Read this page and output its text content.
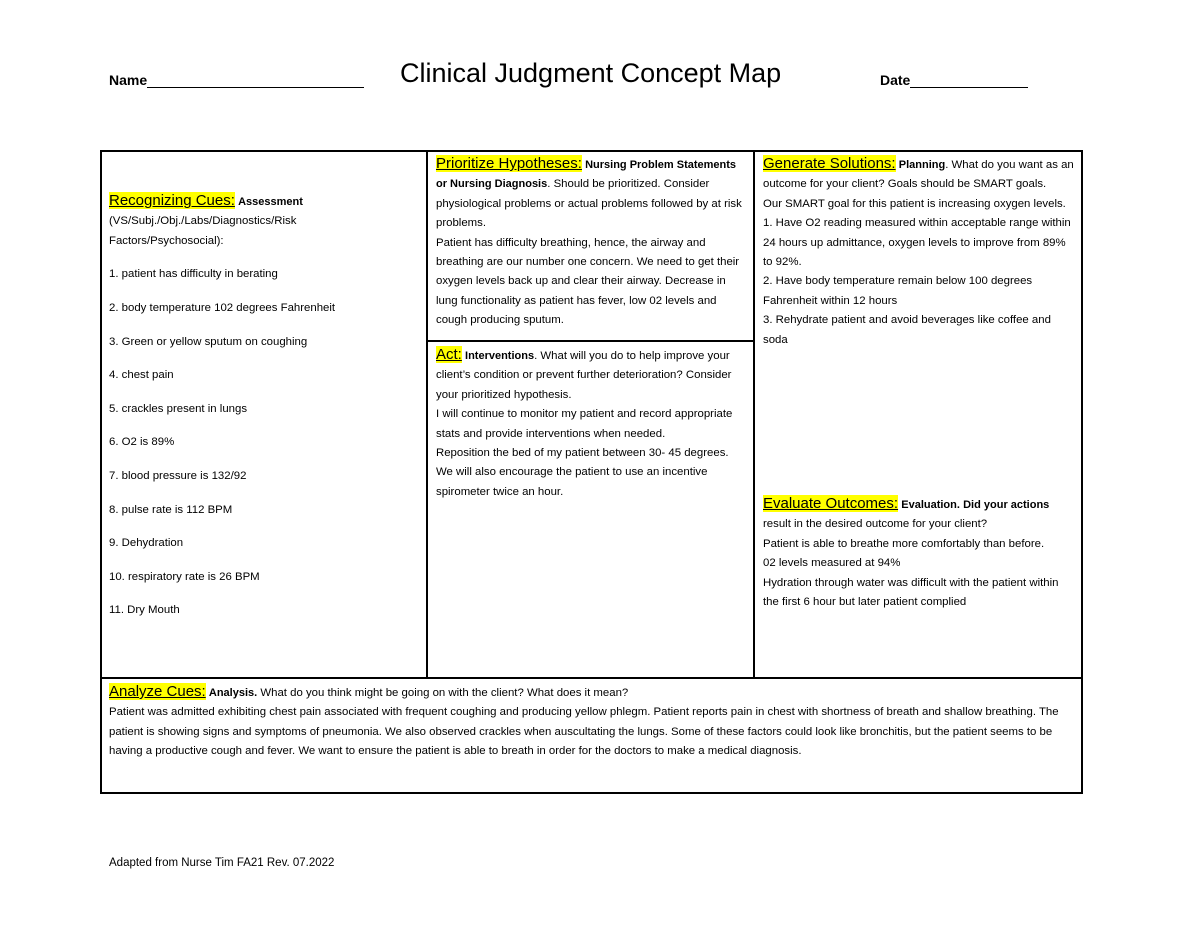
Name	Clinical Judgment Concept Map	Date

Recognizing Cues: Assessment

(VS/Subj./Obj./Labs/Diagnostics/Risk Factors/Psychosocial):

1. patient has difficulty in berating

2. body temperature 102 degrees Fahrenheit

3. Green or yellow sputum on coughing

4. chest pain

5. crackles present in lungs

6. O2 is 89%

7. blood pressure is 132/92

8. pulse rate is 112 BPM

9. Dehydration

10. respiratory rate is 26 BPM

11. Dry Mouth

Prioritize Hypotheses: Nursing Problem Statements or Nursing Diagnosis. Should be prioritized. Consider physiological problems or actual problems followed by at risk problems.

Patient has difficulty breathing, hence, the airway and breathing are our number one concern. We need to get their oxygen levels back up and clear their airway. Decrease in lung functionality as patient has fever, low 02 levels and cough producing sputum.

Act: Interventions. What will you do to help improve your client’s condition or prevent further deterioration? Consider your prioritized hypothesis.

I will continue to monitor my patient and record appropriate stats and provide interventions when needed.

Reposition the bed of my patient between 30- 45 degrees.

We will also encourage the patient to use an incentive spirometer twice an hour.

Generate Solutions: Planning. What do you want as an outcome for your client? Goals should be SMART goals.

Our SMART goal for this patient is increasing oxygen levels.

1. Have O2 reading measured within acceptable range within 24 hours up admittance, oxygen levels to improve from 89% to 92%.

2. Have body temperature remain below 100 degrees Fahrenheit within 12 hours

3. Rehydrate patient and avoid beverages like coffee and soda

Evaluate Outcomes: Evaluation. Did your actions result in the desired outcome for your client?

Patient is able to breathe more comfortably than before.

02 levels measured at 94%

Hydration through water was difficult with the patient within the first 6 hour but later patient complied

Analyze Cues: Analysis. What do you think might be going on with the client? What does it mean?

Patient was admitted exhibiting chest pain associated with frequent coughing and producing yellow phlegm. Patient reports pain in chest with shortness of breath and shallow breathing. The patient is showing signs and symptoms of pneumonia. We also observed crackles when auscultating the lungs. Some of these factors could look like bronchitis, but the patient seems to be having a productive cough and fever. We want to ensure the patient is able to breath in order for the doctors to make a medical diagnosis.

Adapted from Nurse Tim FA21 Rev. 07.2022
